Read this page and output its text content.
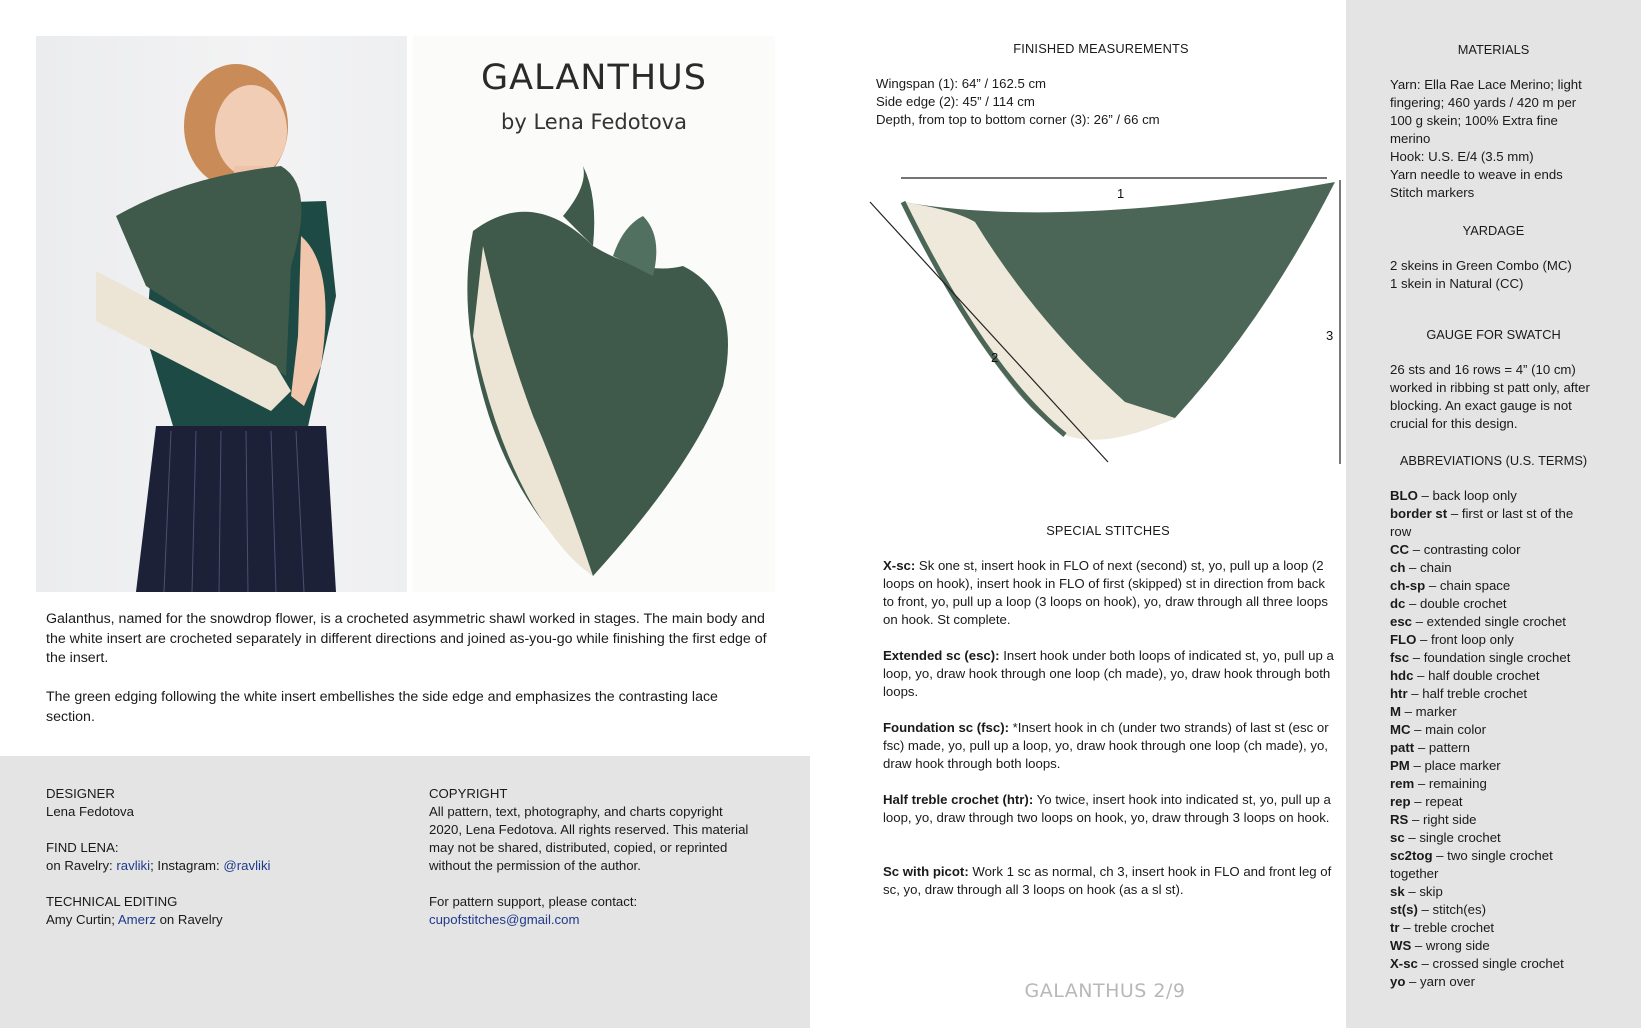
GALANTHUS
by Lena Fedotova

Galanthus, named for the snowdrop flower, is a crocheted asymmetric shawl worked in stages. The main body and the white insert are crocheted separately in different directions and joined as-you-go while finishing the first edge of the insert.

The green edging following the white insert embellishes the side edge and emphasizes the contrasting lace section.

DESIGNER
Lena Fedotova
FIND LENA:
on Ravelry: ravliki; Instagram: @ravliki
TECHNICAL EDITING
Amy Curtin; Amerz on Ravelry
COPYRIGHT
All pattern, text, photography, and charts copyright 2020, Lena Fedotova. All rights reserved. This material may not be shared, distributed, copied, or reprinted without the permission of the author.
For pattern support, please contact:
cupofstitches@gmail.com
FINISHED MEASUREMENTS
Wingspan (1): 64” / 162.5 cm
Side edge (2): 45” / 114 cm
Depth, from top to bottom corner (3): 26” / 66 cm
1
2
3
SPECIAL STITCHES
X-sc: Sk one st, insert hook in FLO of next (second) st, yo, pull up a loop (2 loops on hook), insert hook in FLO of first (skipped) st in direction from back to front, yo, pull up a loop (3 loops on hook), yo, draw through all three loops on hook. St complete.
Extended sc (esc): Insert hook under both loops of indicated st, yo, pull up a loop, yo, draw hook through one loop (ch made), yo, draw hook through both loops.
Foundation sc (fsc): *Insert hook in ch (under two strands) of last st (esc or fsc) made, yo, pull up a loop, yo, draw hook through one loop (ch made), yo, draw hook through both loops.
Half treble crochet (htr): Yo twice, insert hook into indicated st, yo, pull up a loop, yo, draw through two loops on hook, yo, draw through 3 loops on hook.
Sc with picot: Work 1 sc as normal, ch 3, insert hook in FLO and front leg of sc, yo, draw through all 3 loops on hook (as a sl st).
GALANTHUS 2/9
MATERIALS
Yarn: Ella Rae Lace Merino; light fingering; 460 yards / 420 m per 100 g skein; 100% Extra fine merino
Hook: U.S. E/4 (3.5 mm)
Yarn needle to weave in ends
Stitch markers
YARDAGE
2 skeins in Green Combo (MC)
1 skein in Natural (CC)
GAUGE FOR SWATCH
26 sts and 16 rows = 4” (10 cm) worked in ribbing st patt only, after blocking. An exact gauge is not crucial for this design.
ABBREVIATIONS (U.S. TERMS)
BLO – back loop only
border st – first or last st of the row
CC – contrasting color
ch – chain
ch-sp – chain space
dc – double crochet
esc – extended single crochet
FLO – front loop only
fsc – foundation single crochet
hdc – half double crochet
htr – half treble crochet
M – marker
MC – main color
patt – pattern
PM – place marker
rem – remaining
rep – repeat
RS – right side
sc – single crochet
sc2tog – two single crochet together
sk – skip
st(s) – stitch(es)
tr – treble crochet
WS – wrong side
X-sc – crossed single crochet
yo – yarn over
